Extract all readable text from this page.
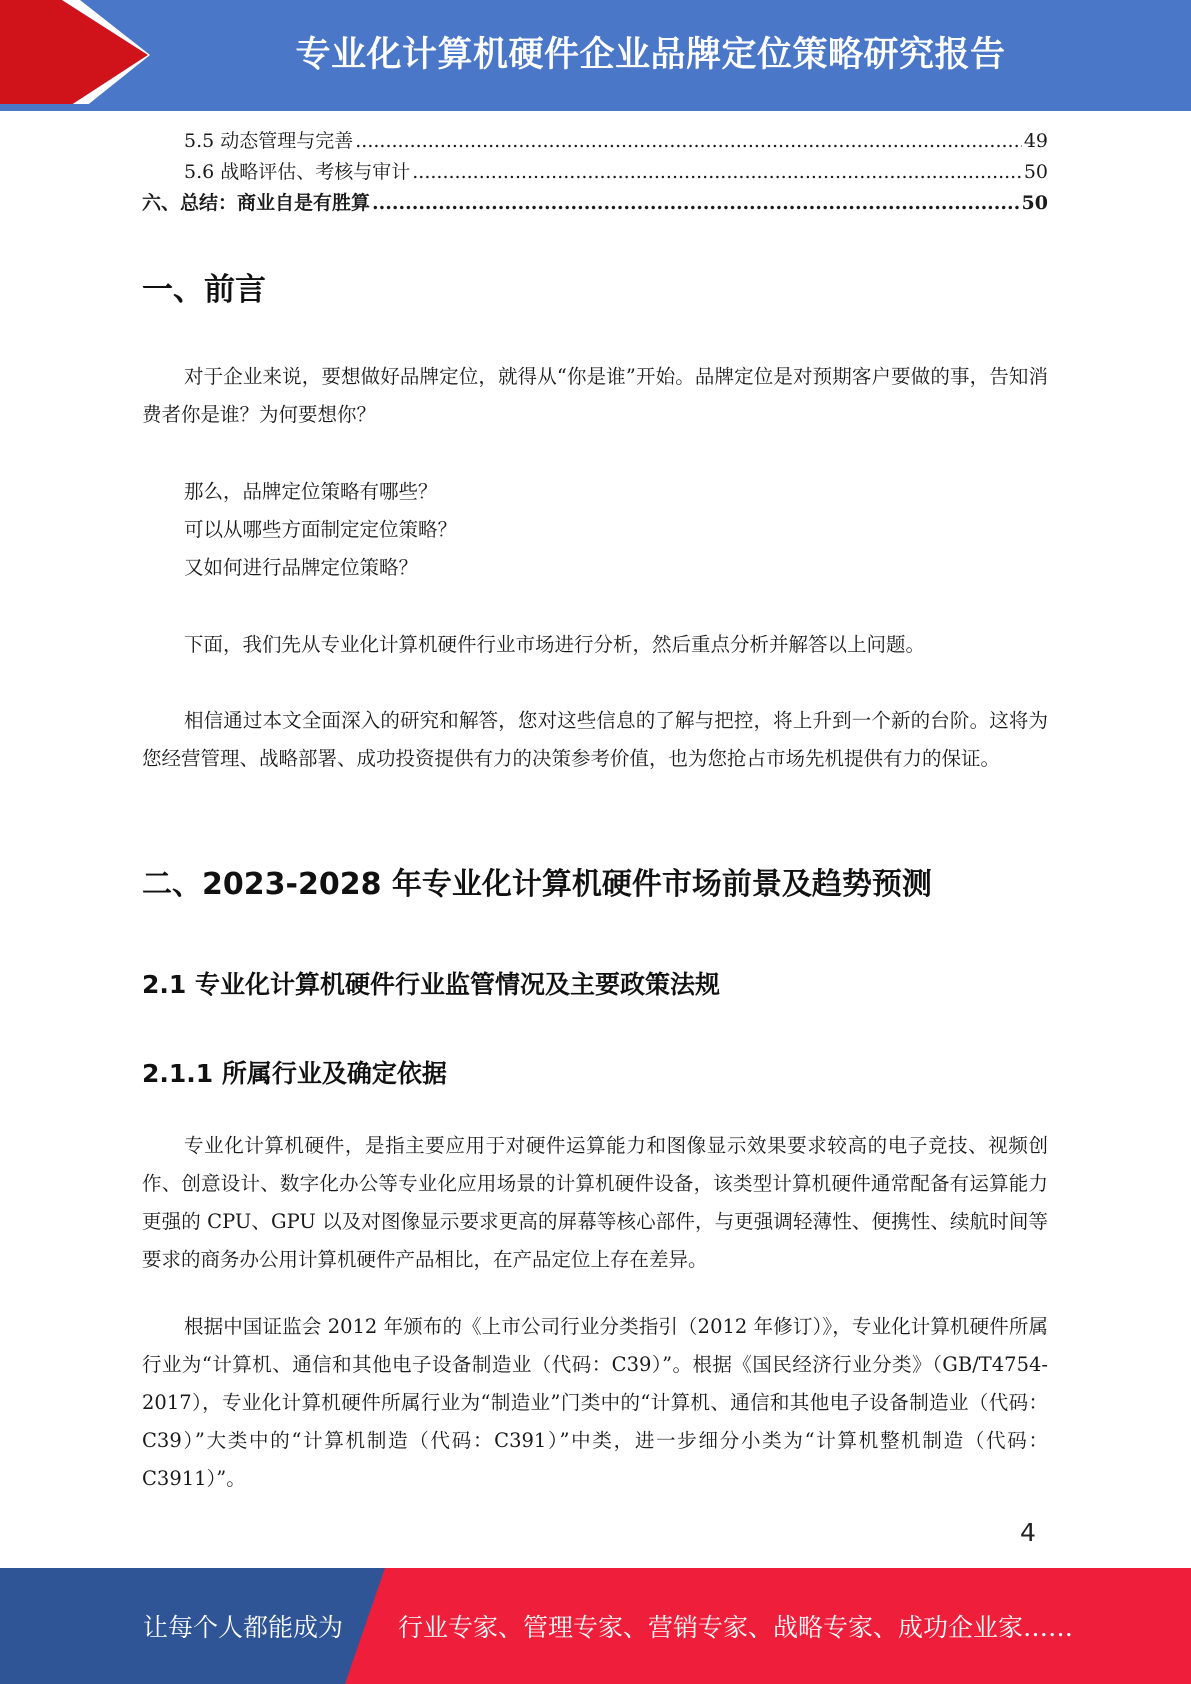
专业化计算机硬件企业品牌定位策略研究报告
5.5 动态管理与完善 .....	49
5.6 战略评估、考核与审计 .....	50
六、总结：商业自是有胜算 .....	50
一、前言

对于企业来说，要想做好品牌定位，就得从“你是谁”开始。品牌定位是对预期客户要做的事，告知消费者你是谁？为何要想你？

那么，品牌定位策略有哪些？

可以从哪些方面制定定位策略？

又如何进行品牌定位策略？

下面，我们先从专业化计算机硬件行业市场进行分析，然后重点分析并解答以上问题。

相信通过本文全面深入的研究和解答，您对这些信息的了解与把控，将上升到一个新的台阶。这将为您经营管理、战略部署、成功投资提供有力的决策参考价值，也为您抢占市场先机提供有力的保证。

二、2023-2028 年专业化计算机硬件市场前景及趋势预测
2.1 专业化计算机硬件行业监管情况及主要政策法规
2.1.1 所属行业及确定依据

专业化计算机硬件，是指主要应用于对硬件运算能力和图像显示效果要求较高的电子竞技、视频创作、创意设计、数字化办公等专业化应用场景的计算机硬件设备，该类型计算机硬件通常配备有运算能力更强的 CPU、GPU 以及对图像显示要求更高的屏幕等核心部件，与更强调轻薄性、便携性、续航时间等要求的商务办公用计算机硬件产品相比，在产品定位上存在差异。

根据中国证监会 2012 年颁布的《上市公司行业分类指引（2012 年修订）》，专业化计算机硬件所属行业为“计算机、通信和其他电子设备制造业（代码：C39）”。根据《国民经济行业分类》（GB/T4754-2017），专业化计算机硬件所属行业为“制造业”门类中的“计算机、通信和其他电子设备制造业（代码：C39）”大类中的“计算机制造（代码：C391）”中类，进一步细分小类为“计算机整机制造（代码：C3911）”。

4
让每个人都能成为 行业专家、管理专家、营销专家、战略专家、成功企业家……
